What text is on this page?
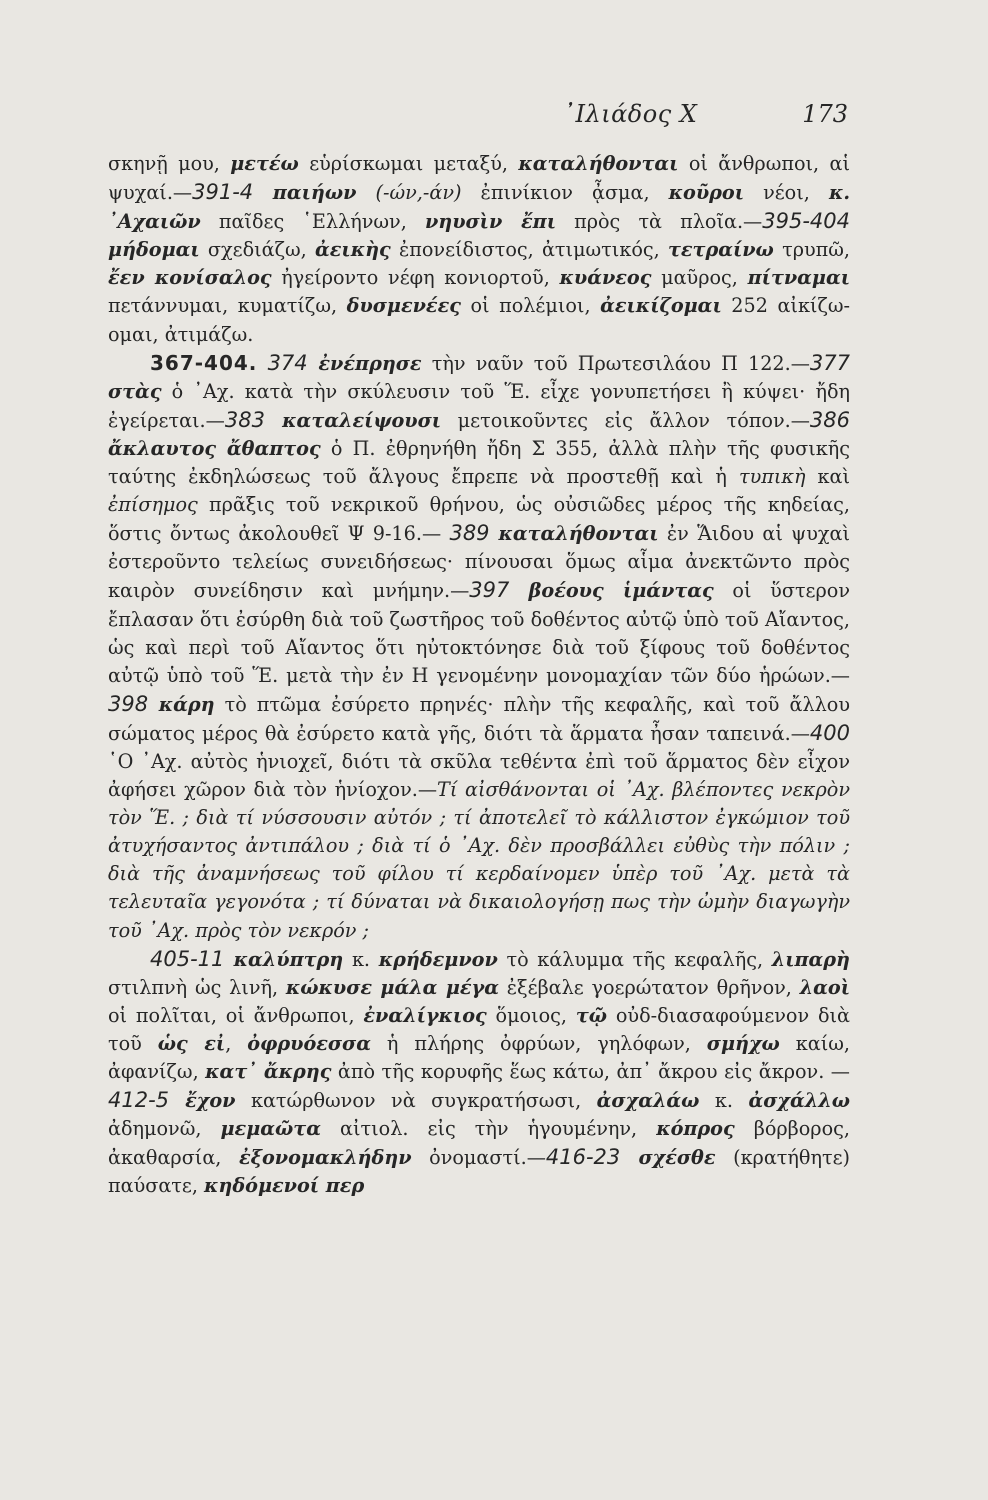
᾿Ιλιάδος Χ	173

σκηνῇ μου, μετέω εὑρίσκωμαι μεταξύ, καταλήθονται οἱ ἄνθρωποι, αἱ ψυχαί.—391-4 παιήων (-ών,-άν) ἐπινίκιον ᾆσμα, κοῦροι νέοι, κ. ᾿Αχαιῶν παῖδες ῾Ελλήνων, νηυσὶν ἔπι πρὸς τὰ πλοῖα.—395-404 μήδομαι σχεδιάζω, ἀεικὴς ἐπονείδιστος, ἀτιμωτικός, τετραίνω τρυπῶ, ἔεν κονίσαλος ἠγείροντο νέφη κονιορτοῦ, κυάνεος μαῦρος, πίτναμαι πετάννυμαι, κυματίζω, δυσμενέες οἱ πολέμιοι, ἀεικίζομαι 252 αἰκίζω-ομαι, ἀτιμάζω.

367-404. 374 ἐνέπρησε τὴν ναῦν τοῦ Πρωτεσιλάου Π 122.—377 στὰς ὁ ᾿Αχ. κατὰ τὴν σκύλευσιν τοῦ Ἕ. εἶχε γονυπετήσει ἢ κύψει· ἤδη ἐγείρεται.—383 καταλείψουσι μετοικοῦντες εἰς ἄλλον τόπον.—386 ἄκλαυτος ἄθαπτος ὁ Π. ἐθρηνήθη ἤδη Σ 355, ἀλλὰ πλὴν τῆς φυσικῆς ταύτης ἐκδηλώσεως τοῦ ἄλγους ἔπρεπε νὰ προστεθῇ καὶ ἡ τυπικὴ καὶ ἐπίσημος πρᾶξις τοῦ νεκρικοῦ θρήνου, ὡς οὐσιῶδες μέρος τῆς κηδείας, ὅστις ὄντως ἀκολουθεῖ Ψ 9-16.— 389 καταλήθονται ἐν Ἅιδου αἱ ψυχαὶ ἐστεροῦντο τελείως συνειδήσεως· πίνουσαι ὅμως αἷμα ἀνεκτῶντο πρὸς καιρὸν συνείδησιν καὶ μνήμην.—397 βοέους ἱμάντας οἱ ὕστερον ἔπλασαν ὅτι ἐσύρθη διὰ τοῦ ζωστῆρος τοῦ δοθέντος αὐτῷ ὑπὸ τοῦ Αἴαντος, ὡς καὶ περὶ τοῦ Αἴαντος ὅτι ηὐτοκτόνησε διὰ τοῦ ξίφους τοῦ δοθέντος αὐτῷ ὑπὸ τοῦ Ἕ. μετὰ τὴν ἐν Η γενομένην μονομαχίαν τῶν δύο ἡρώων.— 398 κάρη τὸ πτῶμα ἐσύρετο πρηνές· πλὴν τῆς κεφαλῆς, καὶ τοῦ ἄλλου σώματος μέρος θὰ ἐσύρετο κατὰ γῆς, διότι τὰ ἅρματα ἦσαν ταπεινά.—400 ῾Ο ᾿Αχ. αὐτὸς ἡνιοχεῖ, διότι τὰ σκῦλα τεθέντα ἐπὶ τοῦ ἅρματος δὲν εἶχον ἀφήσει χῶρον διὰ τὸν ἡνίοχον.—Τί αἰσθάνονται οἱ ᾿Αχ. βλέποντες νεκρὸν τὸν Ἕ. ; διὰ τί νύσσουσιν αὐτόν ; τί ἀποτελεῖ τὸ κάλλιστον ἐγκώμιον τοῦ ἀτυχήσαντος ἀντιπάλου ; διὰ τί ὁ ᾿Αχ. δὲν προσβάλλει εὐθὺς τὴν πόλιν ; διὰ τῆς ἀναμνήσεως τοῦ φίλου τί κερδαίνομεν ὑπὲρ τοῦ ᾿Αχ. μετὰ τὰ τελευταῖα γεγονότα ; τί δύναται νὰ δικαιολογήσῃ πως τὴν ὠμὴν διαγωγὴν τοῦ ᾿Αχ. πρὸς τὸν νεκρόν ;

405-11 καλύπτρη κ. κρήδεμνον τὸ κάλυμμα τῆς κεφαλῆς, λιπαρὴ στιλπνὴ ὡς λινῆ, κώκυσε μάλα μέγα ἐξέβαλε γοερώτατον θρῆνον, λαοὶ οἱ πολῖται, οἱ ἄνθρωποι, ἐναλίγκιος ὅμοιος, τῷ οὐδ-διασαφούμενον διὰ τοῦ ὡς εἰ, ὀφρυόεσσα ἡ πλήρης ὀφρύων, γηλόφων, σμήχω καίω, ἀφανίζω, κατ᾿ ἄκρης ἀπὸ τῆς κορυφῆς ἕως κάτω, ἀπ᾿ ἄκρου εἰς ἄκρον. — 412-5 ἔχον κατώρθωνον νὰ συγκρατήσωσι, ἀσχαλάω κ. ἀσχάλλω ἀδημονῶ, μεμαῶτα αἰτιολ. εἰς τὴν ἡγουμένην, κόπρος βόρβορος, ἀκαθαρσία, ἐξονομακλήδην ὀνομαστί.—416-23 σχέσθε (κρατήθητε) παύσατε, κηδόμενοί περ
